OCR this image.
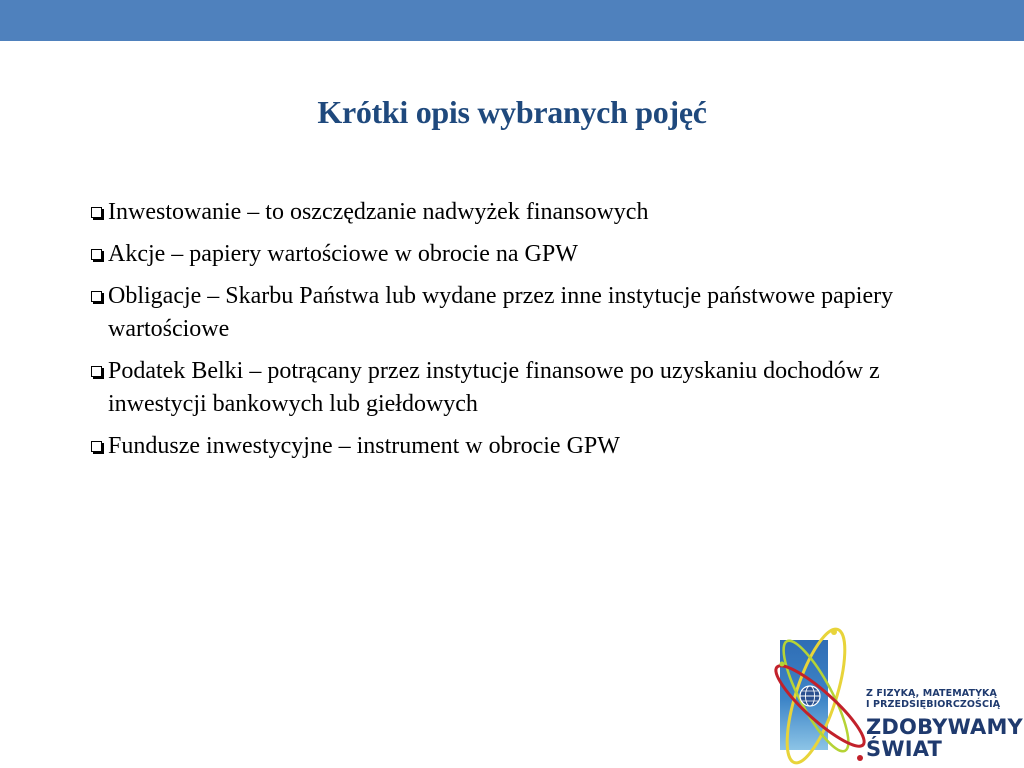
Krótki opis wybranych pojęć
Inwestowanie – to oszczędzanie nadwyżek finansowych
Akcje – papiery wartościowe w obrocie na GPW
Obligacje – Skarbu Państwa lub wydane przez inne instytucje państwowe papiery wartościowe
Podatek Belki – potrącany przez instytucje finansowe po uzyskaniu dochodów z inwestycji bankowych lub giełdowych
Fundusze inwestycyjne – instrument w obrocie GPW
Z FIZYKĄ, MATEMATYKĄ
I PRZEDSIĘBIORCZOŚCIĄ
ZDOBYWAMY
ŚWIAT
